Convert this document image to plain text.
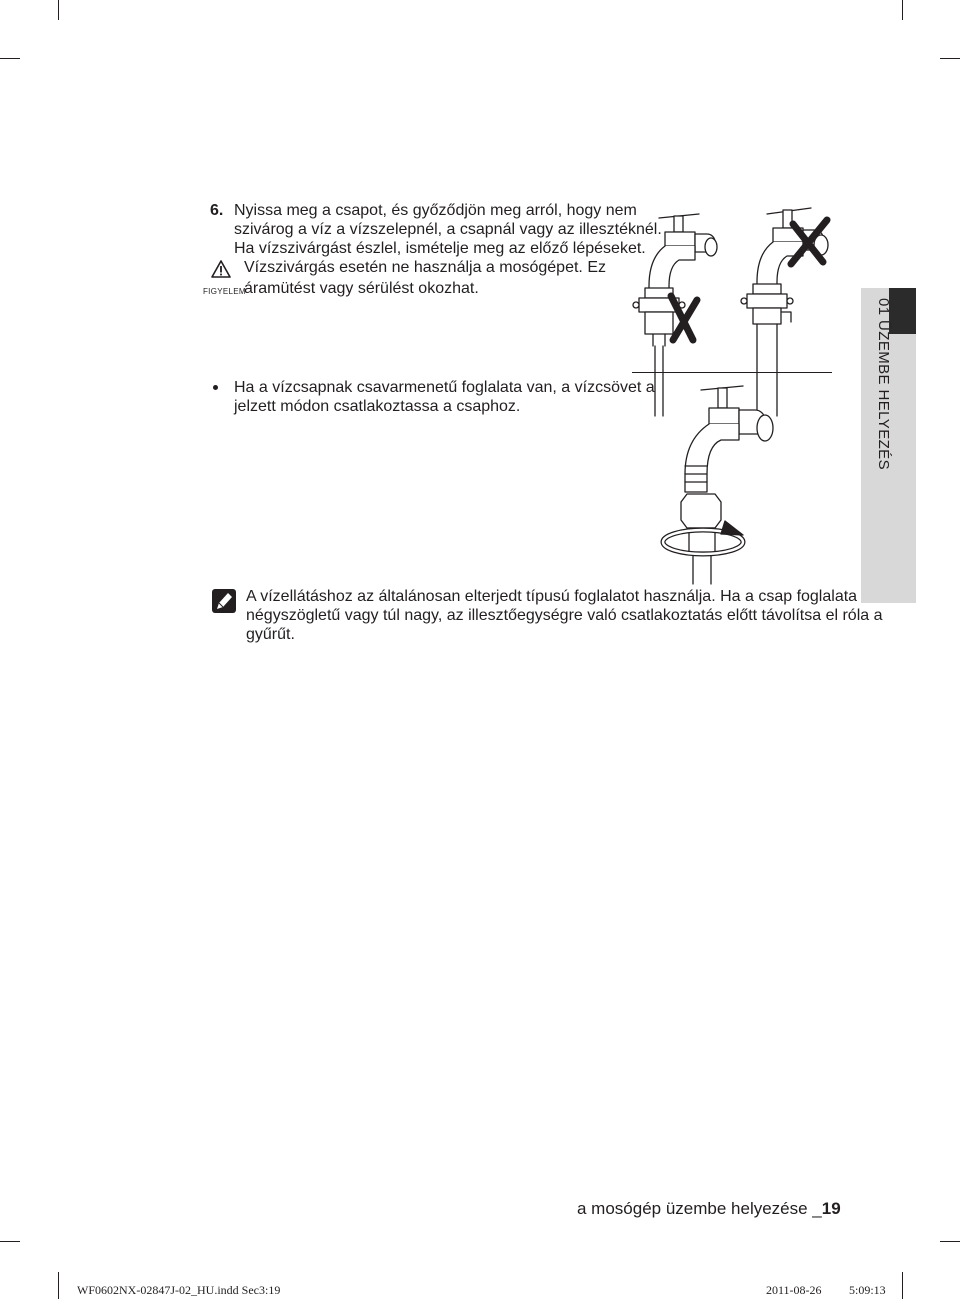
6. Nyissa meg a csapot, és győződjön meg arról, hogy nem
szivárog a víz a vízszelepnél, a csapnál vagy az illesztéknél.
Ha vízszivárgást észlel, ismételje meg az előző lépéseket.
FIGYELEM
Vízszivárgás esetén ne használja a mosógépet. Ez
áramütést vagy sérülést okozhat.
Ha a vízcsapnak csavarmenetű foglalata van, a vízcsövet a
jelzett módon csatlakoztassa a csaphoz.	01 ÜZEMBE HELYEZÉS
A vízellátáshoz az általánosan elterjedt típusú foglalatot használja. Ha a csap foglalata
négyszögletű vagy túl nagy, az illesztőegységre való csatlakoztatás előtt távolítsa el róla a
gyűrűt.
a mosógép üzembe helyezése _19
WF0602NX-02847J-02_HU.indd Sec3:19	2011-08-26 5:09:13
